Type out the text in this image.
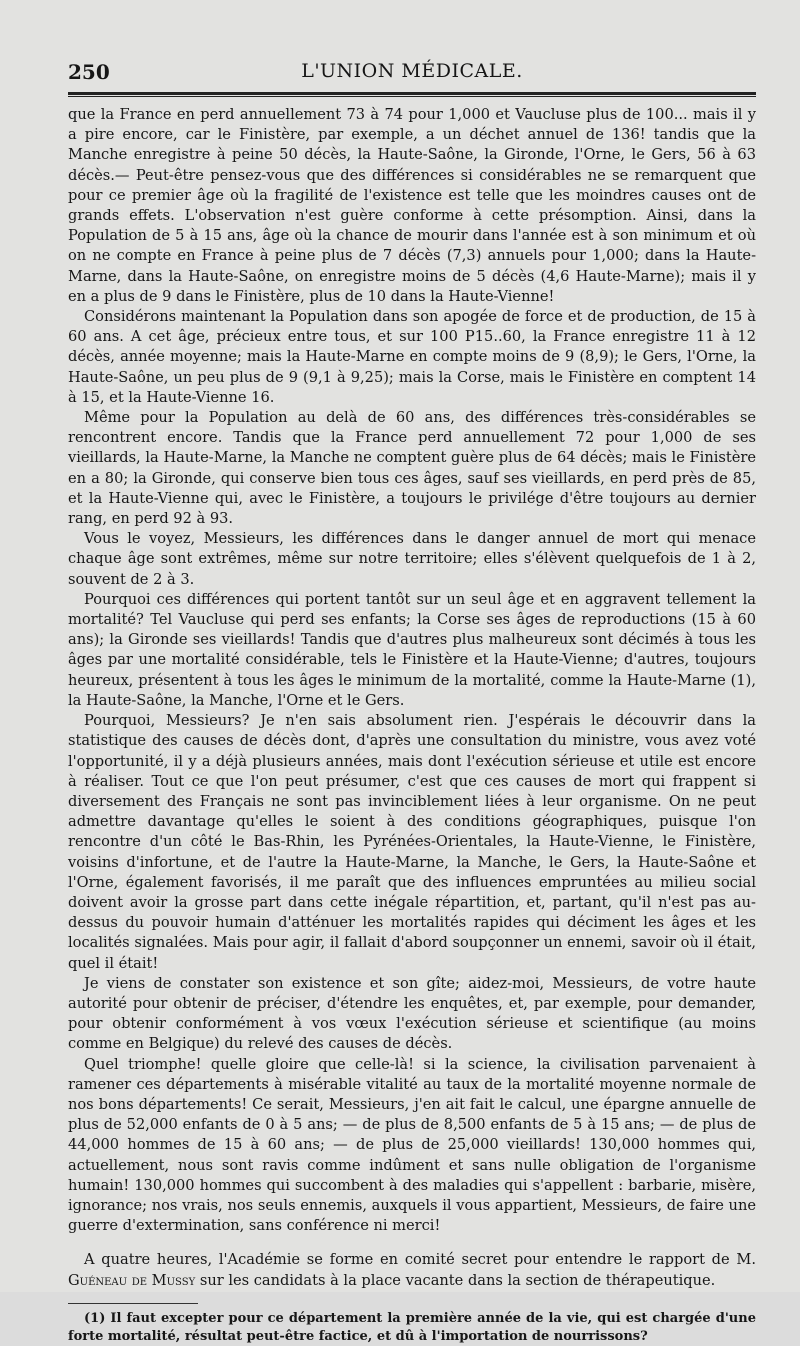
250	L'UNION MÉDICALE.

que la France en perd annuellement 73 à 74 pour 1,000 et Vaucluse plus de 100... mais il y a pire encore, car le Finistère, par exemple, a un déchet annuel de 136! tandis que la Manche enregistre à peine 50 décès, la Haute-Saône, la Gironde, l'Orne, le Gers, 56 à 63 décès.— Peut-être pensez-vous que des différences si considérables ne se remarquent que pour ce premier âge où la fragilité de l'existence est telle que les moindres causes ont de grands effets. L'observation n'est guère conforme à cette présomption. Ainsi, dans la Population de 5 à 15 ans, âge où la chance de mourir dans l'année est à son minimum et où on ne compte en France à peine plus de 7 décès (7,3) annuels pour 1,000; dans la Haute-Marne, dans la Haute-Saône, on enregistre moins de 5 décès (4,6 Haute-Marne); mais il y en a plus de 9 dans le Finistère, plus de 10 dans la Haute-Vienne!

Considérons maintenant la Population dans son apogée de force et de production, de 15 à 60 ans. A cet âge, précieux entre tous, et sur 100 P15..60, la France enregistre 11 à 12 décès, année moyenne; mais la Haute-Marne en compte moins de 9 (8,9); le Gers, l'Orne, la Haute-Saône, un peu plus de 9 (9,1 à 9,25); mais la Corse, mais le Finistère en comptent 14 à 15, et la Haute-Vienne 16.

Même pour la Population au delà de 60 ans, des différences très-considérables se rencontrent encore. Tandis que la France perd annuellement 72 pour 1,000 de ses vieillards, la Haute-Marne, la Manche ne comptent guère plus de 64 décès; mais le Finistère en a 80; la Gironde, qui conserve bien tous ces âges, sauf ses vieillards, en perd près de 85, et la Haute-Vienne qui, avec le Finistère, a toujours le privilége d'être toujours au dernier rang, en perd 92 à 93.

Vous le voyez, Messieurs, les différences dans le danger annuel de mort qui menace chaque âge sont extrêmes, même sur notre territoire; elles s'élèvent quelquefois de 1 à 2, souvent de 2 à 3.

Pourquoi ces différences qui portent tantôt sur un seul âge et en aggravent tellement la mortalité? Tel Vaucluse qui perd ses enfants; la Corse ses âges de reproductions (15 à 60 ans); la Gironde ses vieillards! Tandis que d'autres plus malheureux sont décimés à tous les âges par une mortalité considérable, tels le Finistère et la Haute-Vienne; d'autres, toujours heureux, présentent à tous les âges le minimum de la mortalité, comme la Haute-Marne (1), la Haute-Saône, la Manche, l'Orne et le Gers.

Pourquoi, Messieurs? Je n'en sais absolument rien. J'espérais le découvrir dans la statistique des causes de décès dont, d'après une consultation du ministre, vous avez voté l'opportunité, il y a déjà plusieurs années, mais dont l'exécution sérieuse et utile est encore à réaliser. Tout ce que l'on peut présumer, c'est que ces causes de mort qui frappent si diversement des Français ne sont pas invinciblement liées à leur organisme. On ne peut admettre davantage qu'elles le soient à des conditions géographiques, puisque l'on rencontre d'un côté le Bas-Rhin, les Pyrénées-Orientales, la Haute-Vienne, le Finistère, voisins d'infortune, et de l'autre la Haute-Marne, la Manche, le Gers, la Haute-Saône et l'Orne, également favorisés, il me paraît que des influences empruntées au milieu social doivent avoir la grosse part dans cette inégale répartition, et, partant, qu'il n'est pas au-dessus du pouvoir humain d'atténuer les mortalités rapides qui déciment les âges et les localités signalées. Mais pour agir, il fallait d'abord soupçonner un ennemi, savoir où il était, quel il était!

Je viens de constater son existence et son gîte; aidez-moi, Messieurs, de votre haute autorité pour obtenir de préciser, d'étendre les enquêtes, et, par exemple, pour demander, pour obtenir conformément à vos vœux l'exécution sérieuse et scientifique (au moins comme en Belgique) du relevé des causes de décès.

Quel triomphe! quelle gloire que celle-là! si la science, la civilisation parvenaient à ramener ces départements à misérable vitalité au taux de la mortalité moyenne normale de nos bons départements! Ce serait, Messieurs, j'en ait fait le calcul, une épargne annuelle de plus de 52,000 enfants de 0 à 5 ans; — de plus de 8,500 enfants de 5 à 15 ans; — de plus de 44,000 hommes de 15 à 60 ans; — de plus de 25,000 vieillards! 130,000 hommes qui, actuellement, nous sont ravis comme indûment et sans nulle obligation de l'organisme humain! 130,000 hommes qui succombent à des maladies qui s'appellent : barbarie, misère, ignorance; nos vrais, nos seuls ennemis, auxquels il vous appartient, Messieurs, de faire une guerre d'extermination, sans conférence ni merci!

A quatre heures, l'Académie se forme en comité secret pour entendre le rapport de M. Guéneau de Mussy sur les candidats à la place vacante dans la section de thérapeutique.

(1) Il faut excepter pour ce département la première année de la vie, qui est chargée d'une forte mortalité, résultat peut-être factice, et dû à l'importation de nourrissons?
